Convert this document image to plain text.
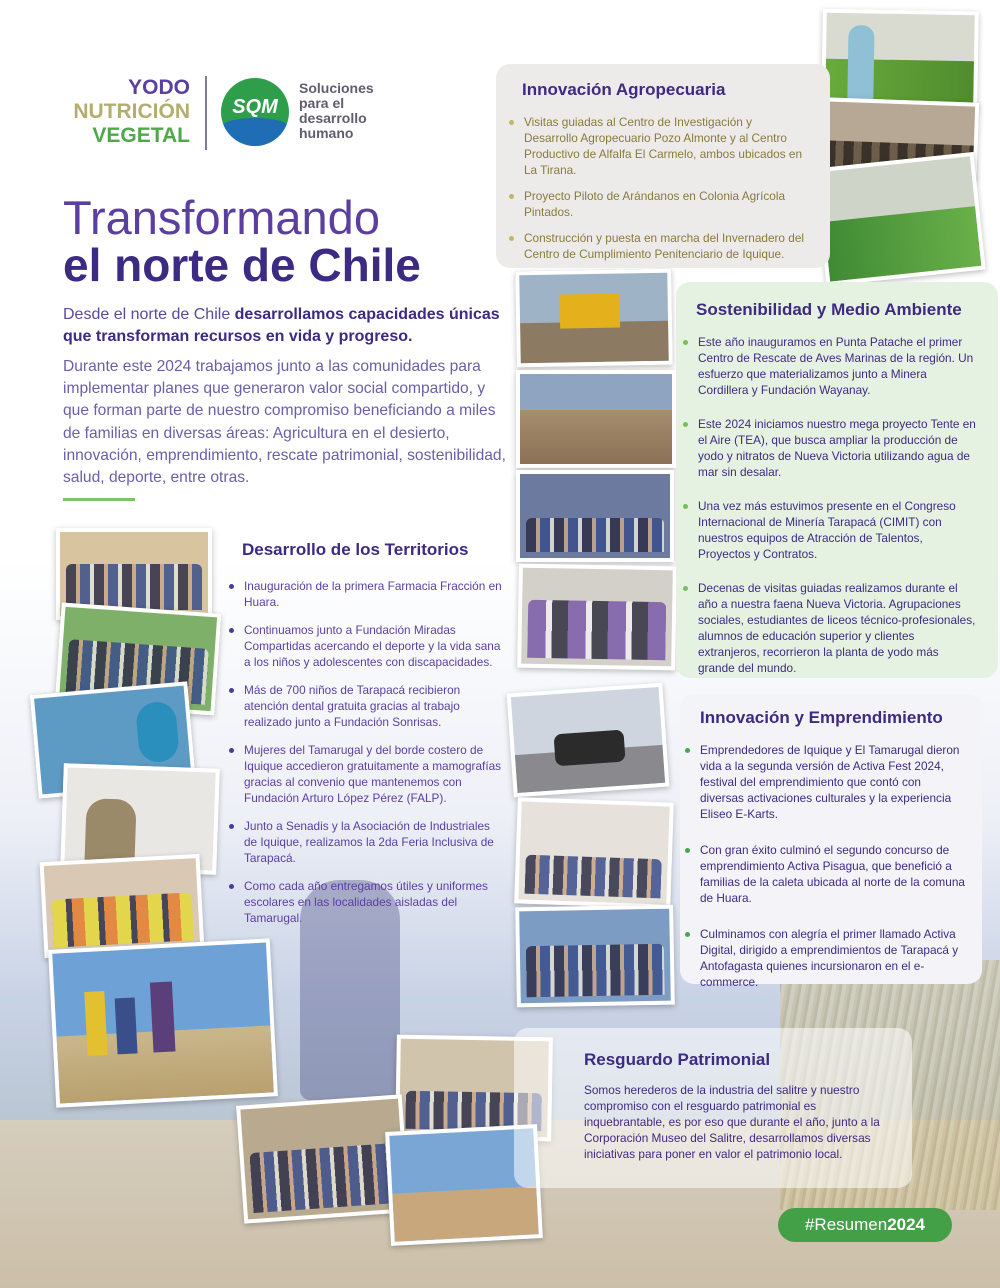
YODO
NUTRICIÓN
VEGETAL
SQM
Soluciones
para el
desarrollo
humano
Transformando
el norte de Chile

Desde el norte de Chile desarrollamos capacidades únicas que transforman recursos en vida y progreso.

Durante este 2024 trabajamos junto a las comunidades para implementar planes que generaron valor social compartido, y que forman parte de nuestro compromiso beneficiando a miles de familias en diversas áreas: Agricultura en el desierto, innovación, emprendimiento, rescate patrimonial, sostenibilidad, salud, deporte, entre otras.

Innovación Agropecuaria
Visitas guiadas al Centro de Investigación y Desarrollo Agropecuario Pozo Almonte y al Centro Productivo de Alfalfa El Carmelo, ambos ubicados en La Tirana.
Proyecto Piloto de Arándanos en Colonia Agrícola Pintados.
Construcción y puesta en marcha del Invernadero del Centro de Cumplimiento Penitenciario de Iquique.
Sostenibilidad y Medio Ambiente
Este año inauguramos en Punta Patache el primer Centro de Rescate de Aves Marinas de la región. Un esfuerzo que materializamos junto a Minera Cordillera y Fundación Wayanay.
Este 2024 iniciamos nuestro mega proyecto Tente en el Aire (TEA), que busca ampliar la producción de yodo y nitratos de Nueva Victoria utilizando agua de mar sin desalar.
Una vez más estuvimos presente en el Congreso Internacional de Minería Tarapacá (CIMIT) con nuestros equipos de Atracción de Talentos, Proyectos y Contratos.
Decenas de visitas guiadas realizamos durante el año a nuestra faena Nueva Victoria. Agrupaciones sociales, estudiantes de liceos técnico-profesionales, alumnos de educación superior y clientes extranjeros, recorrieron la planta de yodo más grande del mundo.
Desarrollo de los Territorios
Inauguración de la primera Farmacia Fracción en Huara.
Continuamos junto a Fundación Miradas Compartidas acercando el deporte y la vida sana a los niños y adolescentes con discapacidades.
Más de 700 niños de Tarapacá recibieron atención dental gratuita gracias al trabajo realizado junto a Fundación Sonrisas.
Mujeres del Tamarugal y del borde costero de Iquique accedieron gratuitamente a mamografías gracias al convenio que mantenemos con Fundación Arturo López Pérez (FALP).
Junto a Senadis y la Asociación de Industriales de Iquique, realizamos la 2da Feria Inclusiva de Tarapacá.
Como cada año entregamos útiles y uniformes escolares en las localidades aisladas del Tamarugal.
Innovación y Emprendimiento
Emprendedores de Iquique y El Tamarugal dieron vida a la segunda versión de Activa Fest 2024, festival del emprendimiento que contó con diversas activaciones culturales y la experiencia Eliseo E-Karts.
Con gran éxito culminó el segundo concurso de emprendimiento Activa Pisagua, que benefició a familias de la caleta ubicada al norte de la comuna de Huara.
Culminamos con alegría el primer llamado Activa Digital, dirigido a emprendimientos de Tarapacá y Antofagasta quienes incursionaron en el e-commerce.
Resguardo Patrimonial

Somos herederos de la industria del salitre y nuestro compromiso con el resguardo patrimonial es inquebrantable, es por eso que durante el año, junto a la Corporación Museo del Salitre, desarrollamos diversas iniciativas para poner en valor el patrimonio local.

#Resumen2024
